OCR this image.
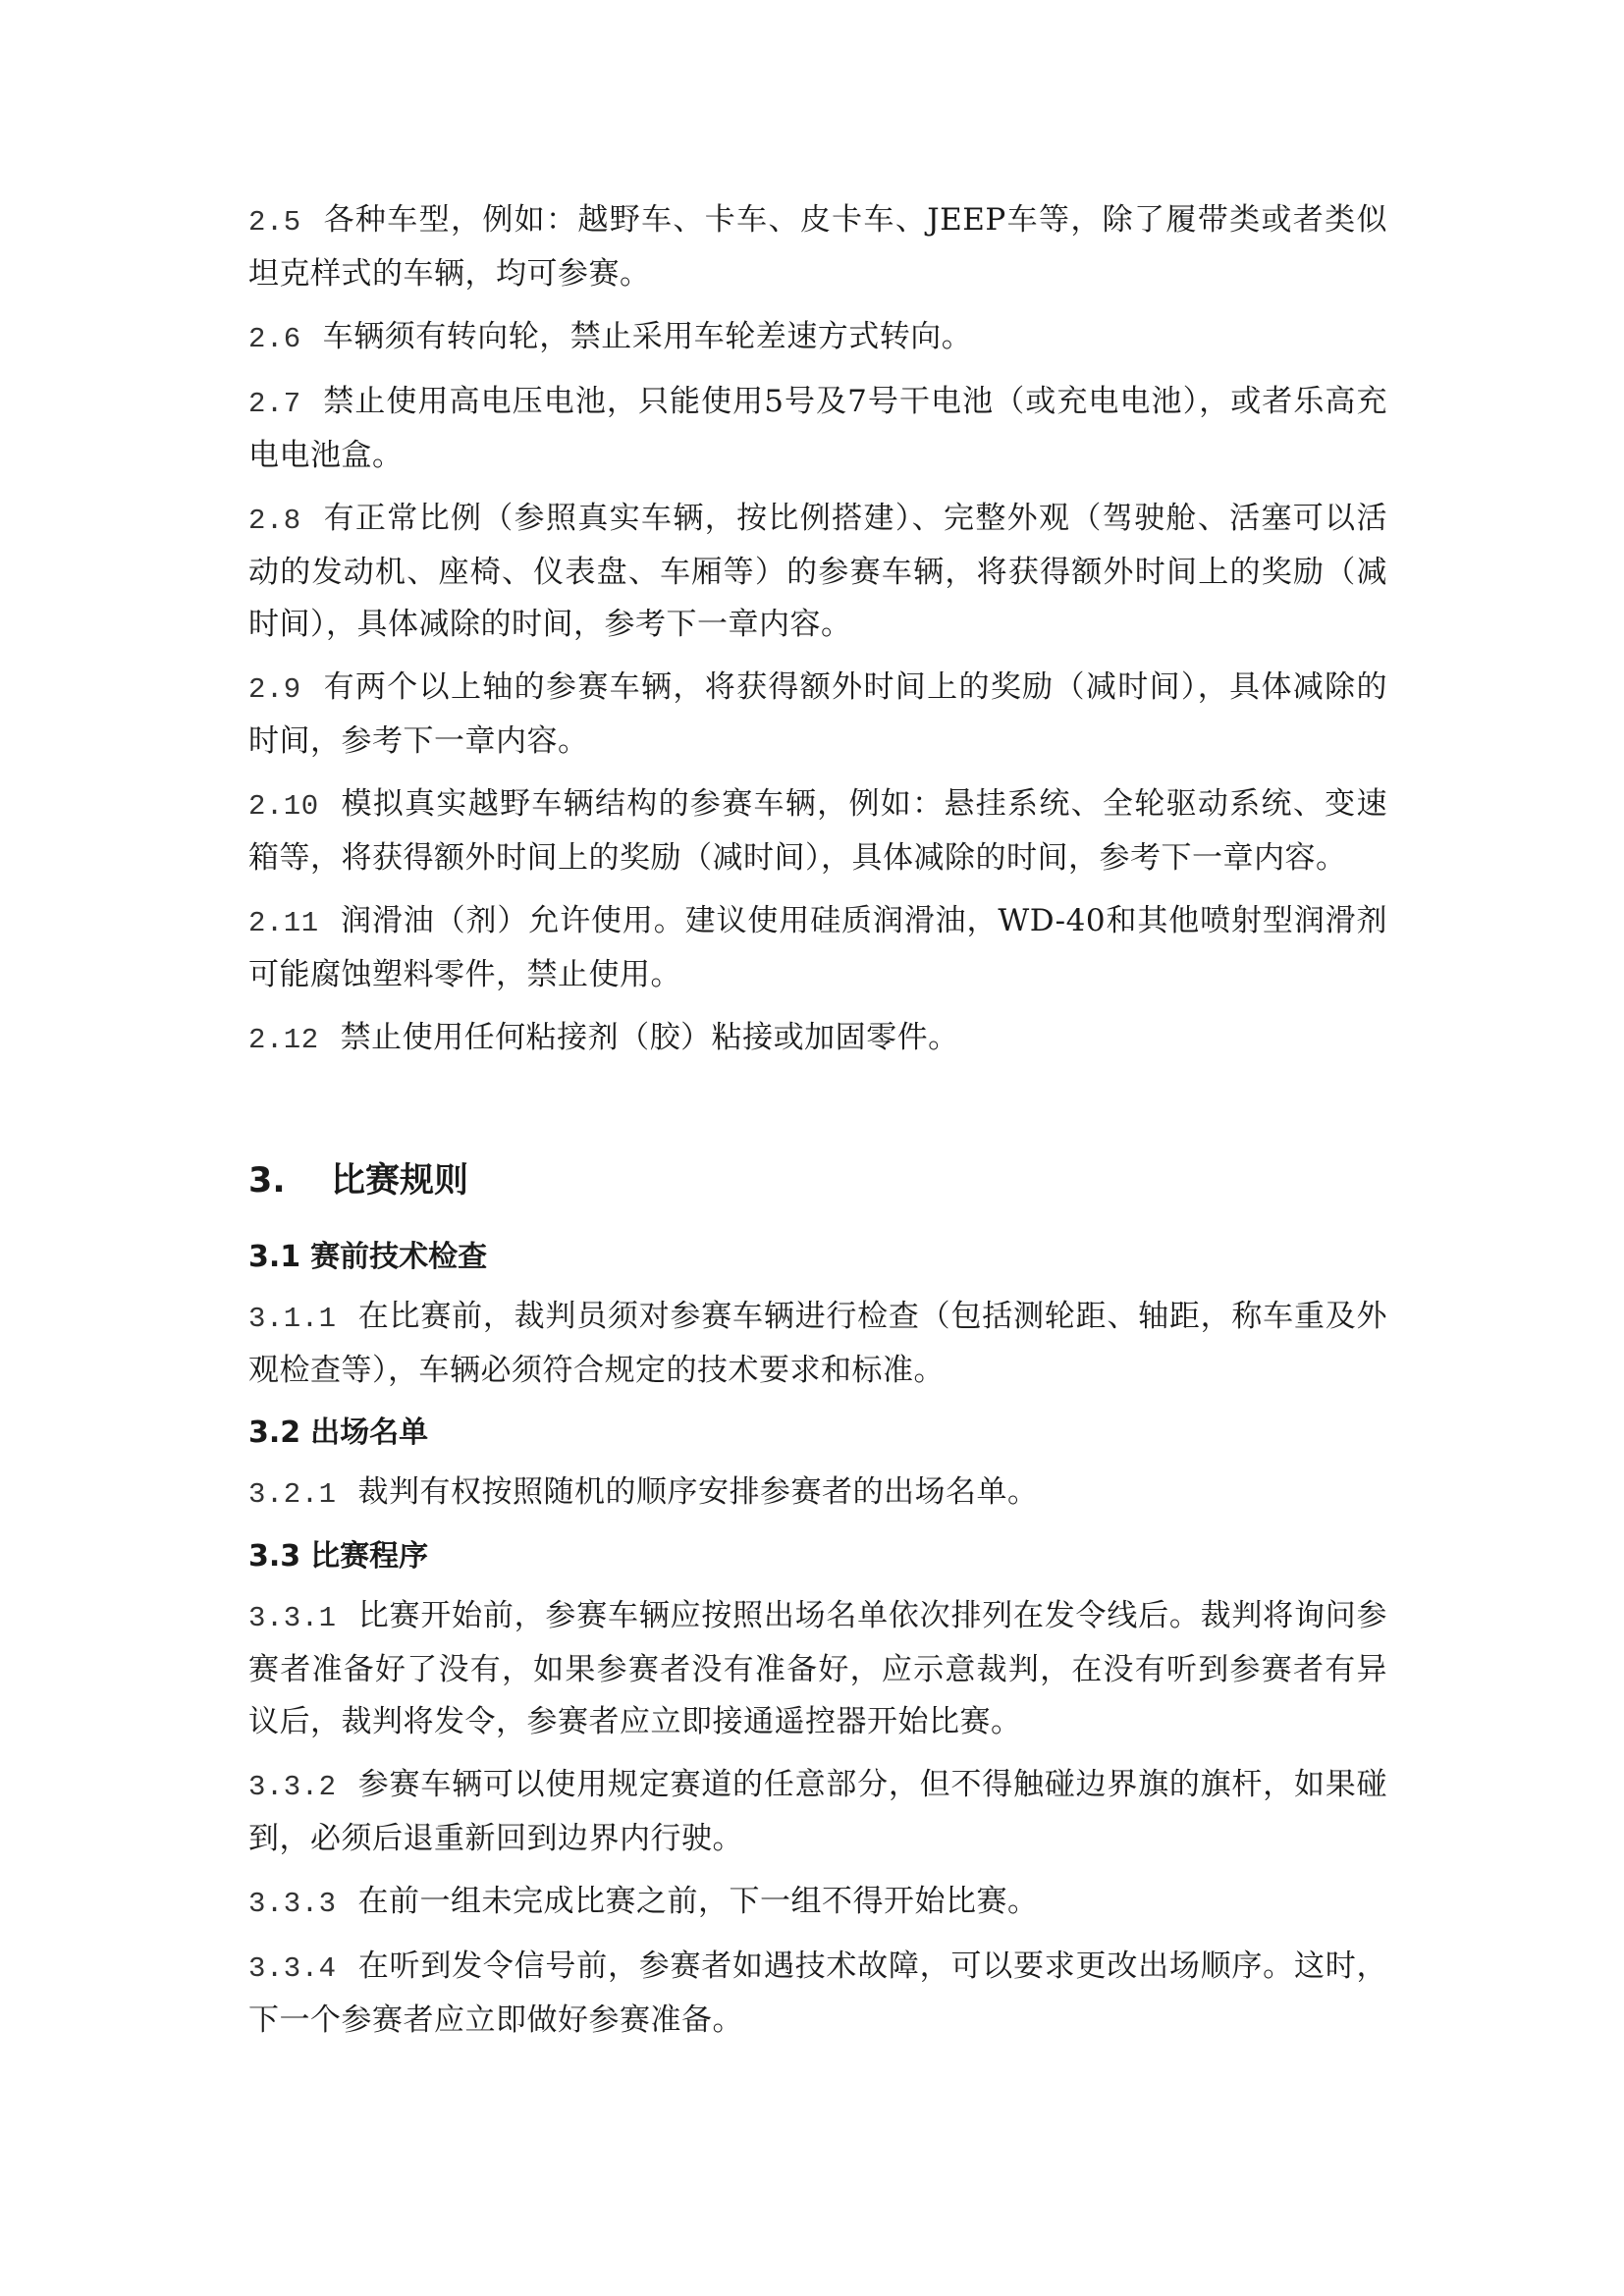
2.5 各种车型，例如：越野车、卡车、皮卡车、JEEP车等，除了履带类或者类似坦克样式的车辆，均可参赛。

2.6 车辆须有转向轮，禁止采用车轮差速方式转向。

2.7 禁止使用高电压电池，只能使用5号及7号干电池（或充电电池），或者乐高充电电池盒。

2.8 有正常比例（参照真实车辆，按比例搭建）、完整外观（驾驶舱、活塞可以活动的发动机、座椅、仪表盘、车厢等）的参赛车辆，将获得额外时间上的奖励（减时间），具体减除的时间，参考下一章内容。

2.9 有两个以上轴的参赛车辆，将获得额外时间上的奖励（减时间），具体减除的时间，参考下一章内容。

2.10 模拟真实越野车辆结构的参赛车辆，例如：悬挂系统、全轮驱动系统、变速箱等，将获得额外时间上的奖励（减时间），具体减除的时间，参考下一章内容。

2.11 润滑油（剂）允许使用。建议使用硅质润滑油，WD-40和其他喷射型润滑剂可能腐蚀塑料零件，禁止使用。

2.12 禁止使用任何粘接剂（胶）粘接或加固零件。

3. 比赛规则
3.1 赛前技术检查

3.1.1 在比赛前，裁判员须对参赛车辆进行检查（包括测轮距、轴距，称车重及外观检查等），车辆必须符合规定的技术要求和标准。

3.2 出场名单

3.2.1 裁判有权按照随机的顺序安排参赛者的出场名单。

3.3 比赛程序

3.3.1 比赛开始前，参赛车辆应按照出场名单依次排列在发令线后。裁判将询问参赛者准备好了没有，如果参赛者没有准备好，应示意裁判，在没有听到参赛者有异议后，裁判将发令，参赛者应立即接通遥控器开始比赛。

3.3.2 参赛车辆可以使用规定赛道的任意部分，但不得触碰边界旗的旗杆，如果碰到，必须后退重新回到边界内行驶。

3.3.3 在前一组未完成比赛之前，下一组不得开始比赛。

3.3.4 在听到发令信号前，参赛者如遇技术故障，可以要求更改出场顺序。这时，下一个参赛者应立即做好参赛准备。
